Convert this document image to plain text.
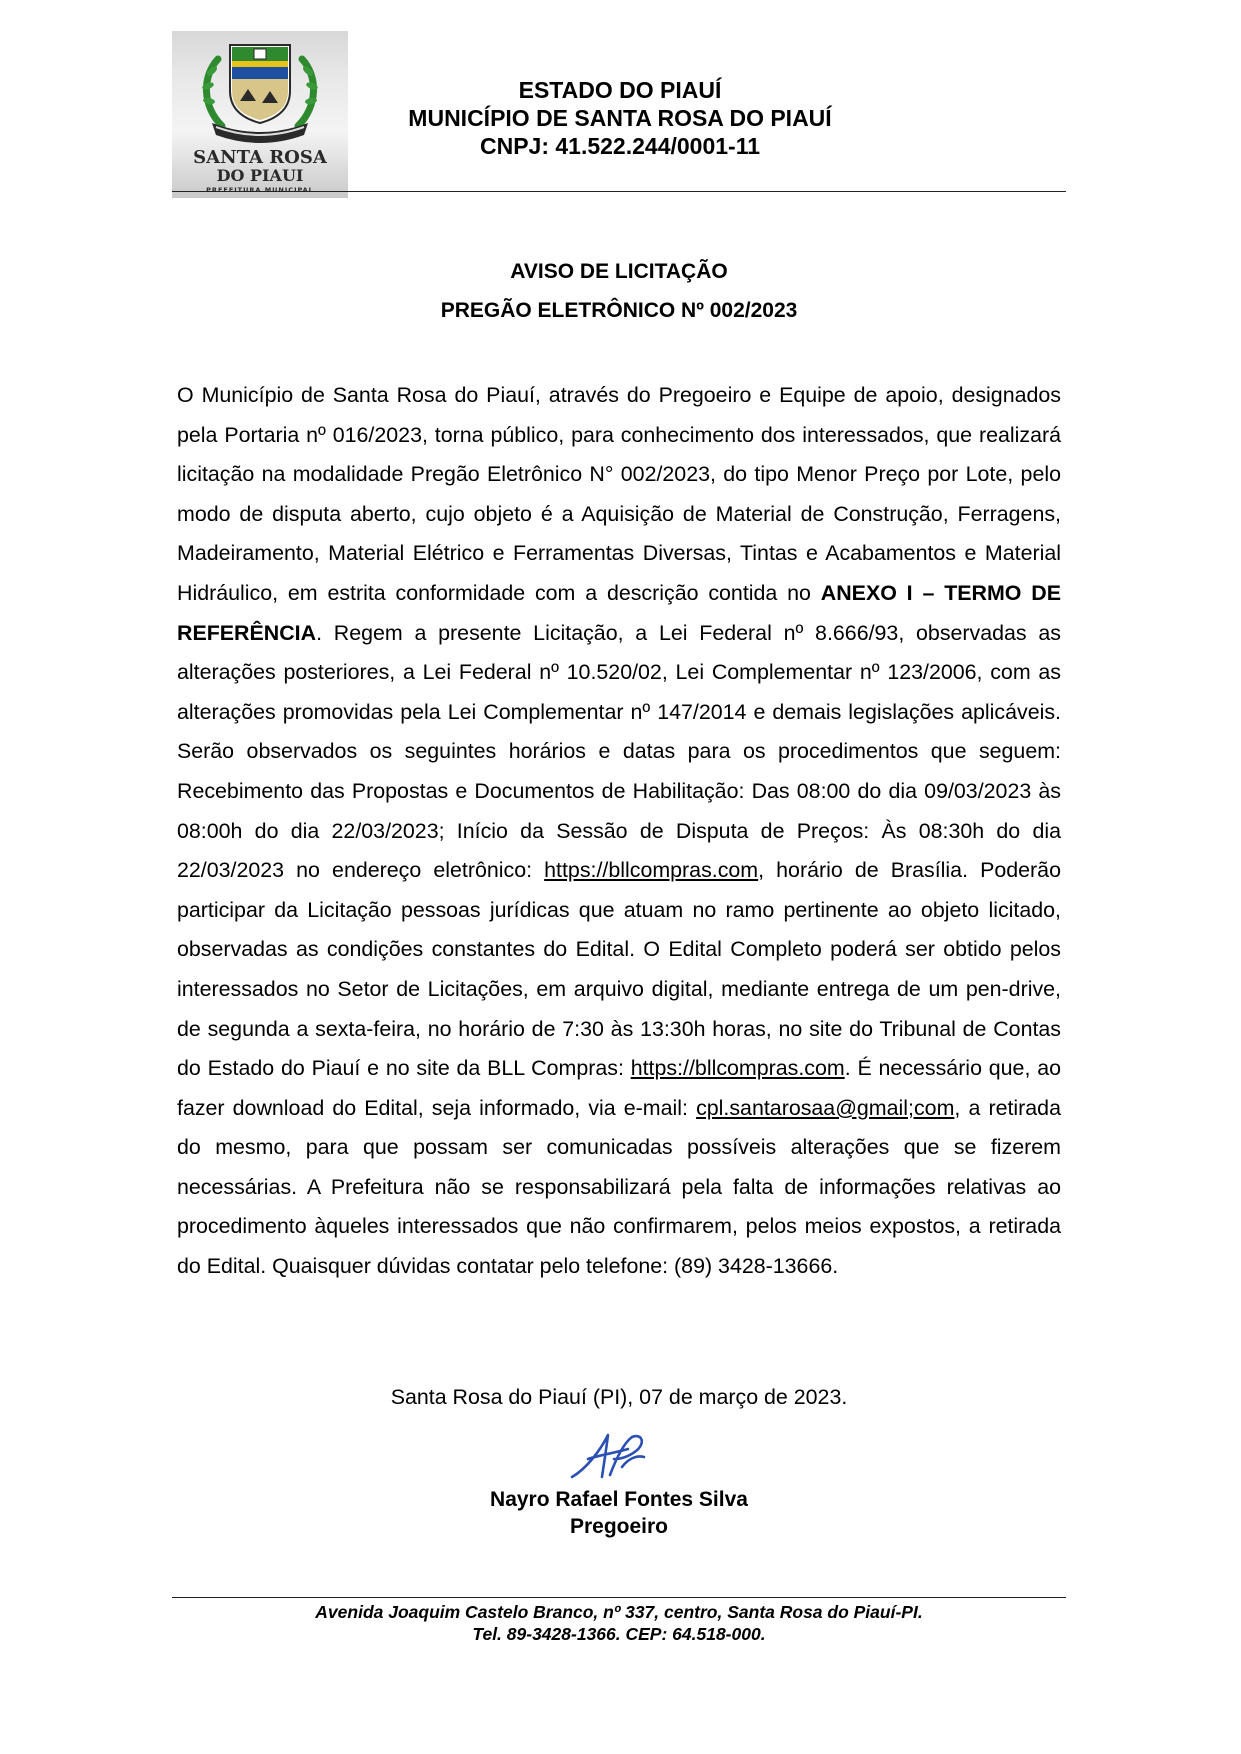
SANTA ROSA
DO PIAUI
PREFEITURA MUNICIPAL
ESTADO DO PIAUÍ
MUNICÍPIO DE SANTA ROSA DO PIAUÍ
CNPJ: 41.522.244/0001-11
AVISO DE LICITAÇÃO
PREGÃO ELETRÔNICO Nº 002/2023
O Município de Santa Rosa do Piauí, através do Pregoeiro e Equipe de apoio, designados pela Portaria nº 016/2023, torna público, para conhecimento dos interessados, que realizará licitação na modalidade Pregão Eletrônico N° 002/2023, do tipo Menor Preço por Lote, pelo modo de disputa aberto, cujo objeto é a Aquisição de Material de Construção, Ferragens, Madeiramento, Material Elétrico e Ferramentas Diversas, Tintas e Acabamentos e Material Hidráulico, em estrita conformidade com a descrição contida no ANEXO I – TERMO DE REFERÊNCIA. Regem a presente Licitação, a Lei Federal nº 8.666/93, observadas as alterações posteriores, a Lei Federal nº 10.520/02, Lei Complementar nº 123/2006, com as alterações promovidas pela Lei Complementar nº 147/2014 e demais legislações aplicáveis. Serão observados os seguintes horários e datas para os procedimentos que seguem: Recebimento das Propostas e Documentos de Habilitação: Das 08:00 do dia 09/03/2023 às 08:00h do dia 22/03/2023; Início da Sessão de Disputa de Preços: Às 08:30h do dia 22/03/2023 no endereço eletrônico: https://bllcompras.com, horário de Brasília. Poderão participar da Licitação pessoas jurídicas que atuam no ramo pertinente ao objeto licitado, observadas as condições constantes do Edital. O Edital Completo poderá ser obtido pelos interessados no Setor de Licitações, em arquivo digital, mediante entrega de um pen-drive, de segunda a sexta-feira, no horário de 7:30 às 13:30h horas, no site do Tribunal de Contas do Estado do Piauí e no site da BLL Compras: https://bllcompras.com. É necessário que, ao fazer download do Edital, seja informado, via e-mail: cpl.santarosaa@gmail;com, a retirada do mesmo, para que possam ser comunicadas possíveis alterações que se fizerem necessárias. A Prefeitura não se responsabilizará pela falta de informações relativas ao procedimento àqueles interessados que não confirmarem, pelos meios expostos, a retirada do Edital. Quaisquer dúvidas contatar pelo telefone: (89) 3428-13666.
Santa Rosa do Piauí (PI), 07 de março de 2023.
Nayro Rafael Fontes Silva
Pregoeiro
Avenida Joaquim Castelo Branco, nº 337, centro, Santa Rosa do Piauí-PI.
Tel. 89-3428-1366. CEP: 64.518-000.
